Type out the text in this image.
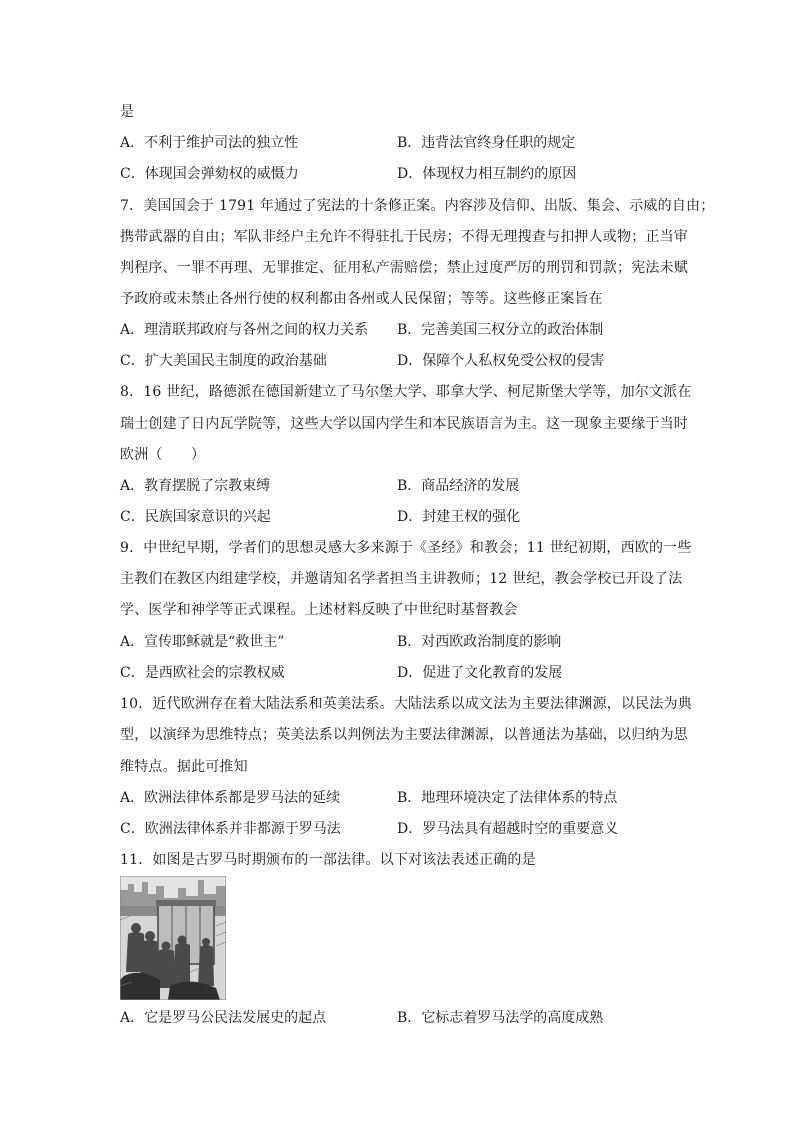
是
A．不利于维护司法的独立性	B．违背法官终身任职的规定
C．体现国会弹劾权的威慑力	D．体现权力相互制约的原因
7．美国国会于 1791 年通过了宪法的十条修正案。内容涉及信仰、出版、集会、示威的自由；
携带武器的自由；军队非经户主允许不得驻扎于民房；不得无理搜查与扣押人或物；正当审
判程序、一罪不再理、无罪推定、征用私产需赔偿；禁止过度严厉的刑罚和罚款；宪法未赋
予政府或未禁止各州行使的权利都由各州或人民保留；等等。这些修正案旨在
A．理清联邦政府与各州之间的权力关系 B．完善美国三权分立的政治体制
C．扩大美国民主制度的政治基础	D．保障个人私权免受公权的侵害
8．16 世纪，路德派在德国新建立了马尔堡大学、耶拿大学、柯尼斯堡大学等，加尔文派在
瑞士创建了日内瓦学院等，这些大学以国内学生和本民族语言为主。这一现象主要缘于当时
欧洲（　　）
A．教育摆脱了宗教束缚	B．商品经济的发展
C．民族国家意识的兴起	D．封建王权的强化
9．中世纪早期，学者们的思想灵感大多来源于《圣经》和教会；11 世纪初期，西欧的一些
主教们在教区内组建学校，并邀请知名学者担当主讲教师；12 世纪，教会学校已开设了法
学、医学和神学等正式课程。上述材料反映了中世纪时基督教会
A．宣传耶稣就是“救世主”	B．对西欧政治制度的影响
C．是西欧社会的宗教权威	D．促进了文化教育的发展
10．近代欧洲存在着大陆法系和英美法系。大陆法系以成文法为主要法律渊源，以民法为典
型，以演绎为思维特点；英美法系以判例法为主要法律渊源，以普通法为基础，以归纳为思
维特点。据此可推知
A．欧洲法律体系都是罗马法的延续	B．地理环境决定了法律体系的特点
C．欧洲法律体系并非都源于罗马法	D．罗马法具有超越时空的重要意义
11．如图是古罗马时期颁布的一部法律。以下对该法表述正确的是
A．它是罗马公民法发展史的起点	B．它标志着罗马法学的高度成熟
